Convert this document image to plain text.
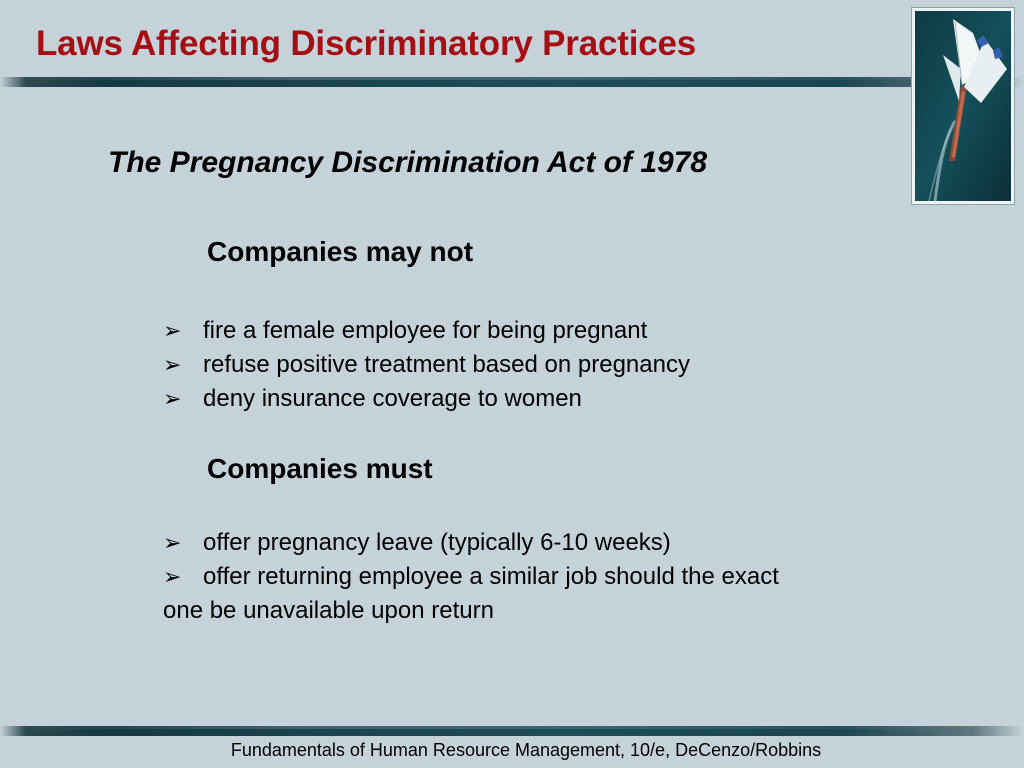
Laws Affecting Discriminatory Practices
The Pregnancy Discrimination Act of 1978
Companies may not
➢ fire a female employee for being pregnant
➢ refuse positive treatment based on pregnancy
➢ deny insurance coverage to women
Companies must
➢ offer pregnancy leave (typically 6-10 weeks)
➢ offer returning employee a similar job should the exact
one be unavailable upon return

Fundamentals of Human Resource Management, 10/e, DeCenzo/Robbins
